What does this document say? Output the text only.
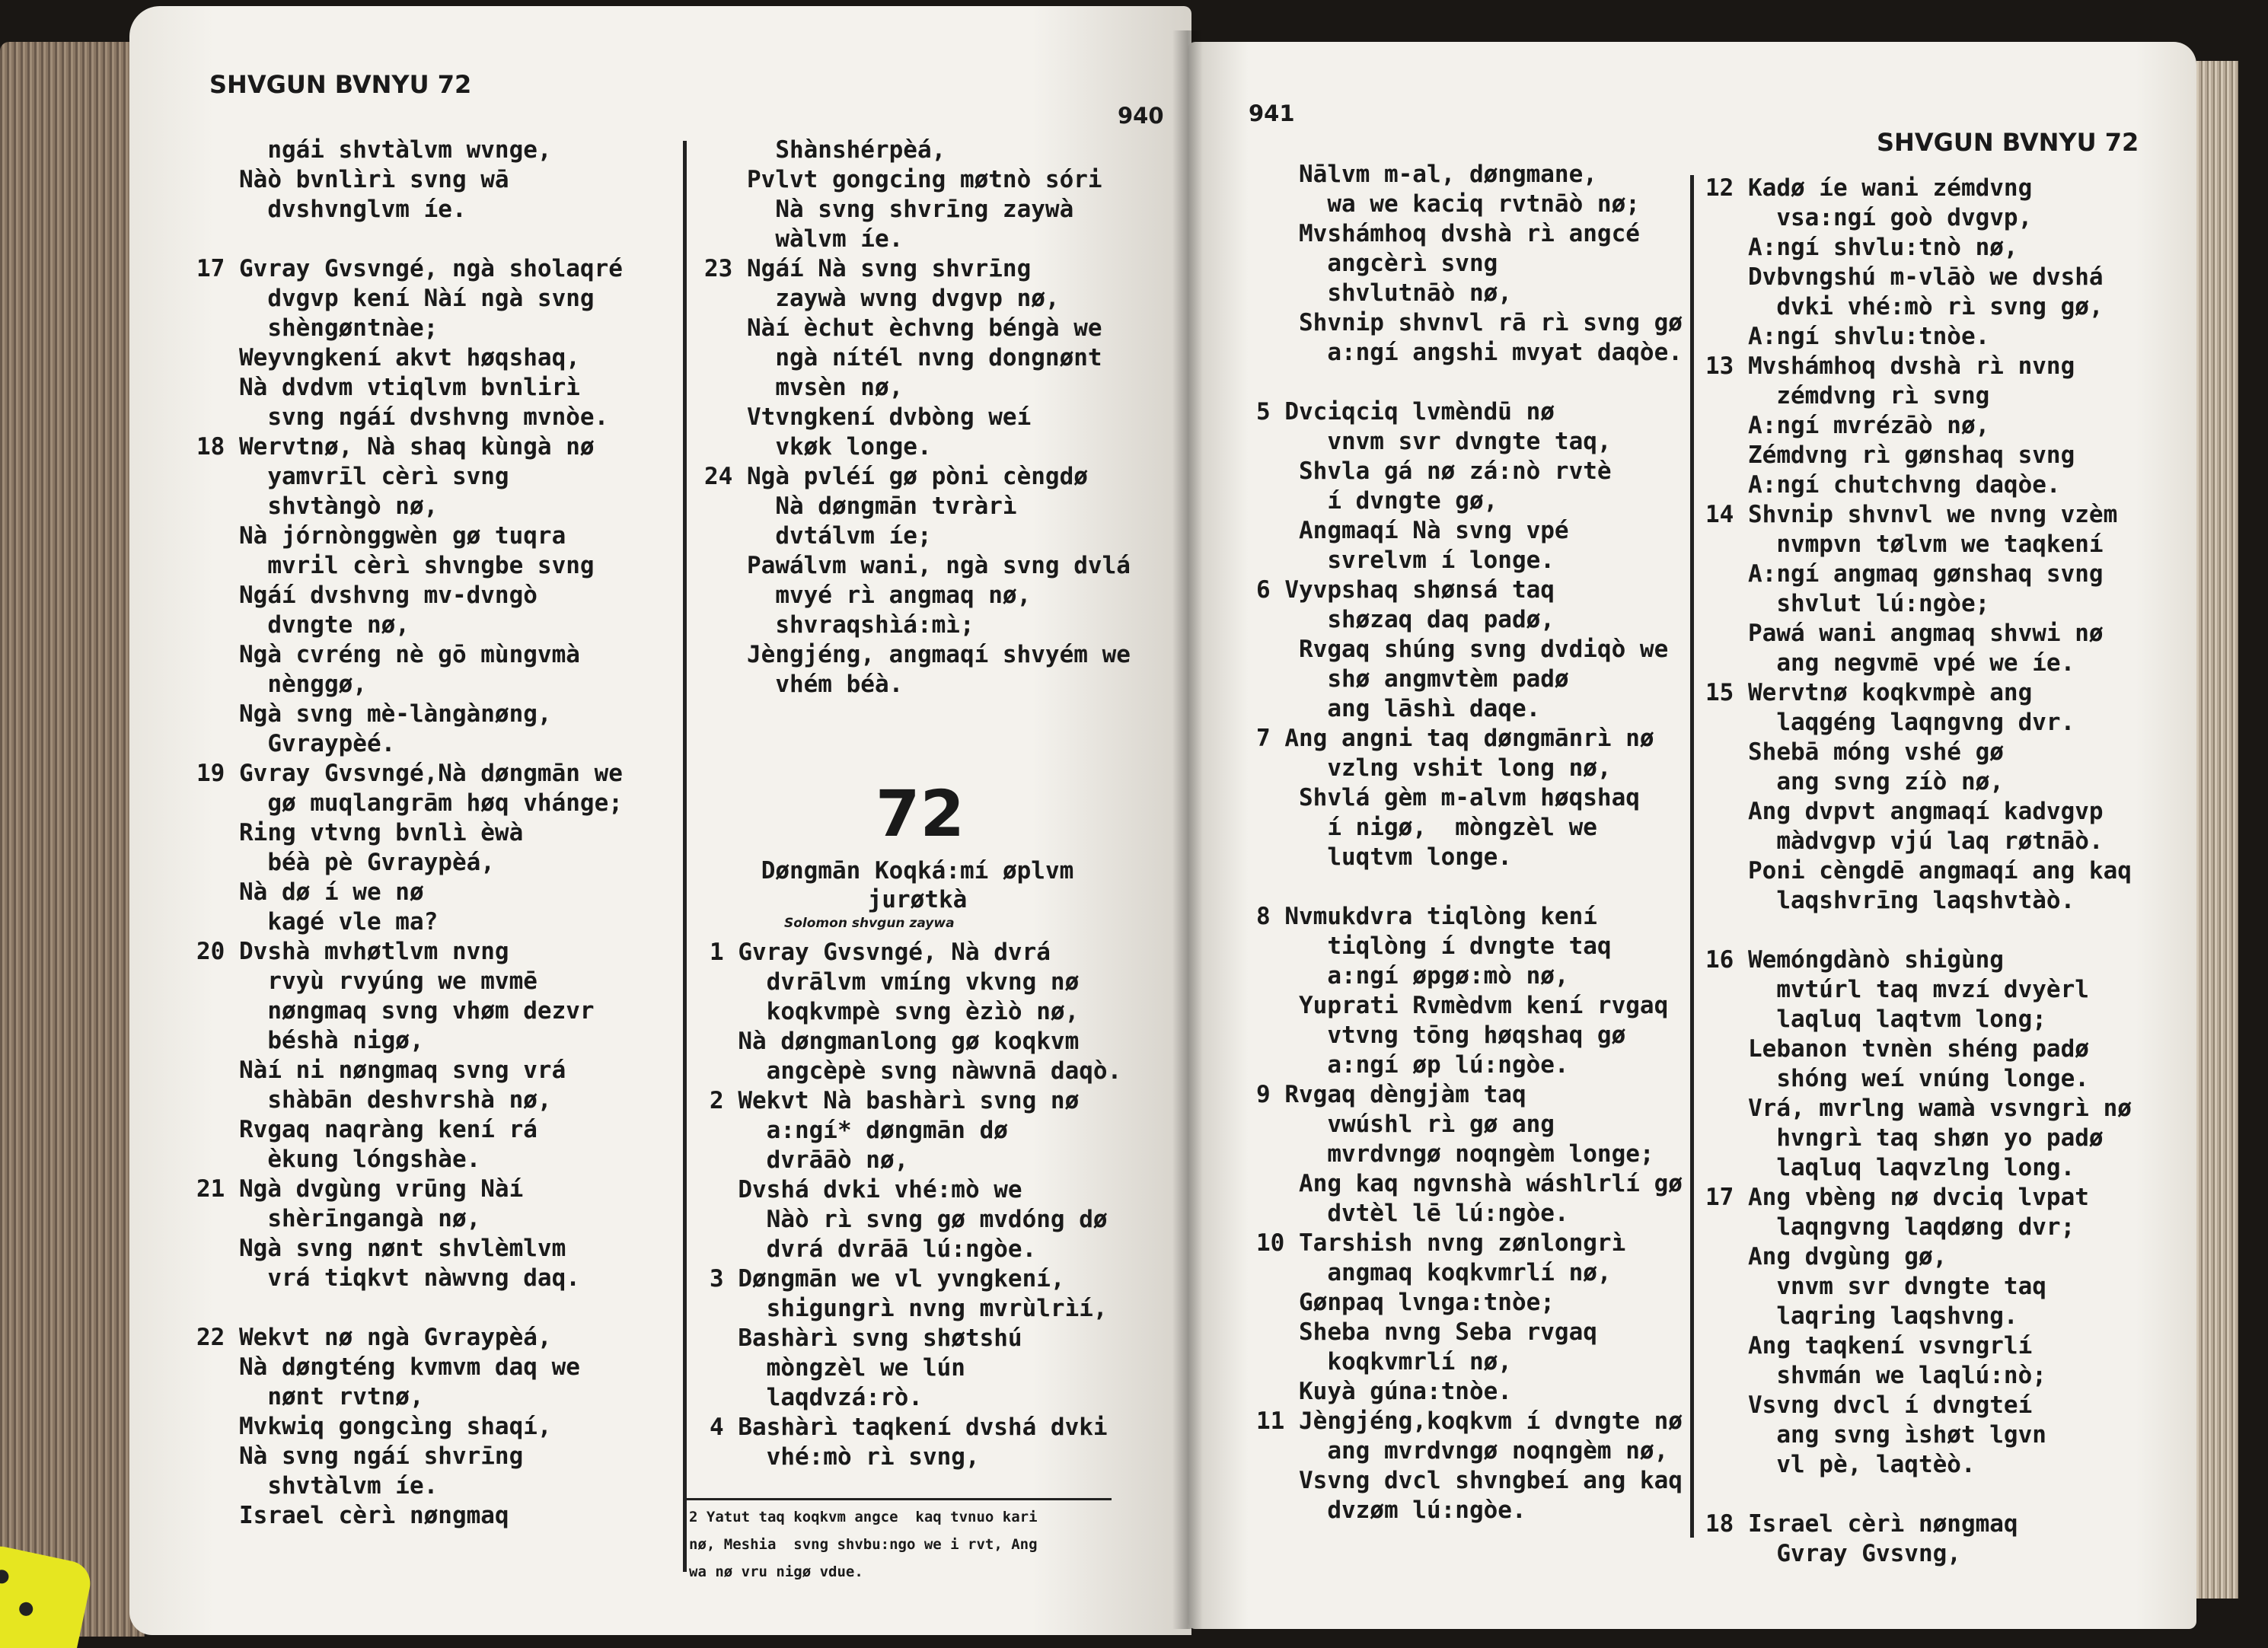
SHVGUN BVNYU 72
940
ngái shvtàlvm wvnge,
Nàò bvnlìrì svng wā
dvshvnglvm íe.

17 Gvray Gvsvngé, ngà sholaqré
dvgvp kení Nàí ngà svng
shèngøntnàe;
Weyvngkení akvt høqshaq,
Nà dvdvm vtiqlvm bvnlirì
svng ngáí dvshvng mvnòe.
18 Wervtnø, Nà shaq kùngà nø
yamvrīl cèrì svng
shvtàngò nø,
Nà jórnònggwèn gø tuqra
mvril cèrì shvngbe svng
Ngáí dvshvng mv-dvngò
dvngte nø,
Ngà cvréng nè gō mùngvmà
nènggø,
Ngà svng mè-làngànøng,
Gvraypèé.
19 Gvray Gvsvngé,Nà døngmān we
gø muqlangrām høq vhánge;
Ring vtvng bvnlì èwà
béà pè Gvraypèá,
Nà dø í we nø
kagé vle ma?
20 Dvshà mvhøtlvm nvng
rvyù rvyúng we mvmē
nøngmaq svng vhøm dezvr
béshà nigø,
Nàí ni nøngmaq svng vrá
shàbān deshvrshà nø,
Rvgaq naqràng kení rá
èkung lóngshàe.
21 Ngà dvgùng vrūng Nàí
shèrīngangà nø,
Ngà svng nønt shvlèmlvm
vrá tiqkvt nàwvng daq.

22 Wekvt nø ngà Gvraypèá,
Nà døngténg kvmvm daq we
nønt rvtnø,
Mvkwiq gongcìng shaqí,
Nà svng ngáí shvrīng
shvtàlvm íe.
Israel cèrì nøngmaq
Shànshérpèá,
Pvlvt gongcing møtnò sóri
Nà svng shvrīng zaywà
wàlvm íe.
23 Ngáí Nà svng shvrīng
zaywà wvng dvgvp nø,
Nàí èchut èchvng béngà we
ngà nítél nvng dongnønt
mvsèn nø,
Vtvngkení dvbòng weí
vkøk longe.
24 Ngà pvléí gø pòni cèngdø
Nà døngmān tvràrì
dvtálvm íe;
Pawálvm wani, ngà svng dvlá
mvyé rì angmaq nø,
shvraqshìá:mì;
Jèngjéng, angmaqí shvyém we
vhém béà.
72
Døngmān Koqká:mí øplvm
jurøtkà
Solomon shvgun zaywa
1 Gvray Gvsvngé, Nà dvrá
dvrālvm vmíng vkvng nø
koqkvmpè svng èzìò nø,
Nà døngmanlong gø koqkvm
angcèpè svng nàwvnā daqò.
2 Wekvt Nà bashàrì svng nø
a:ngí* døngmān dø
dvrāāò nø,
Dvshá dvki vhé:mò we
Nàò rì svng gø mvdóng dø
dvrá dvrāā lú:ngòe.
3 Døngmān we vl yvngkení,
shigungrì nvng mvrùlrìí,
Bashàrì svng shøtshú
mòngzèl we lún
laqdvzá:rò.
4 Bashàrì taqkení dvshá dvki
vhé:mò rì svng,
2 Yatut taq koqkvm angce  kaq tvnuo kari
nø, Meshia  svng shvbu:ngo we i rvt, Ang
wa nø vru nigø vdue.
941
SHVGUN BVNYU 72
Nālvm m-al, døngmane,
wa we kaciq rvtnāò nø;
Mvshámhoq dvshà rì angcé
angcèrì svng
shvlutnāò nø,
Shvnip shvnvl rā rì svng gø
a:ngí angshi mvyat daqòe.

5 Dvciqciq lvmèndū nø
vnvm svr dvngte taq,
Shvla gá nø zá:nò rvtè
í dvngte gø,
Angmaqí Nà svng vpé
svrelvm í longe.
6 Vyvpshaq shønsá taq
shøzaq daq padø,
Rvgaq shúng svng dvdiqò we
shø angmvtèm padø
ang lāshì daqe.
7 Ang angni taq døngmānrì nø
vzlng vshit long nø,
Shvlá gèm m-alvm høqshaq
í nigø,  mòngzèl we
luqtvm longe.

8 Nvmukdvra tiqlòng kení
tiqlòng í dvngte taq
a:ngí øpgø:mò nø,
Yuprati Rvmèdvm kení rvgaq
vtvng tōng høqshaq gø
a:ngí øp lú:ngòe.
9 Rvgaq dèngjàm taq
vwúshl rì gø ang
mvrdvngø noqngèm longe;
Ang kaq ngvnshà wáshlrlí gø
dvtèl lē lú:ngòe.
10 Tarshish nvng zønlongrì
angmaq koqkvmrlí nø,
Gønpaq lvnga:tnòe;
Sheba nvng Seba rvgaq
koqkvmrlí nø,
Kuyà gúna:tnòe.
11 Jèngjéng,koqkvm í dvngte nø
ang mvrdvngø noqngèm nø,
Vsvng dvcl shvngbeí ang kaq
dvzøm lú:ngòe.
12 Kadø íe wani zémdvng
vsa:ngí goò dvgvp,
A:ngí shvlu:tnò nø,
Dvbvngshú m-vlāò we dvshá
dvki vhé:mò rì svng gø,
A:ngí shvlu:tnòe.
13 Mvshámhoq dvshà rì nvng
zémdvng rì svng
A:ngí mvrézāò nø,
Zémdvng rì gønshaq svng
A:ngí chutchvng daqòe.
14 Shvnip shvnvl we nvng vzèm
nvmpvn tølvm we taqkení
A:ngí angmaq gønshaq svng
shvlut lú:ngòe;
Pawá wani angmaq shvwi nø
ang negvmē vpé we íe.
15 Wervtnø koqkvmpè ang
laqgéng laqngvng dvr.
Shebā móng vshé gø
ang svng zíò nø,
Ang dvpvt angmaqí kadvgvp
màdvgvp vjú laq røtnāò.
Poni cèngdē angmaqí ang kaq
laqshvrīng laqshvtàò.

16 Wemóngdànò shigùng
mvtúrl taq mvzí dvyèrl
laqluq laqtvm long;
Lebanon tvnèn shéng padø
shóng weí vnúng longe.
Vrá, mvrlng wamà vsvngrì nø
hvngrì taq shøn yo padø
laqluq laqvzlng long.
17 Ang vbèng nø dvciq lvpat
laqngvng laqdøng dvr;
Ang dvgùng gø,
vnvm svr dvngte taq
laqring laqshvng.
Ang taqkení vsvngrlí
shvmán we laqlú:nò;
Vsvng dvcl í dvngteí
ang svng ìshøt lgvn
vl pè, laqtèò.

18 Israel cèrì nøngmaq
Gvray Gvsvng,
